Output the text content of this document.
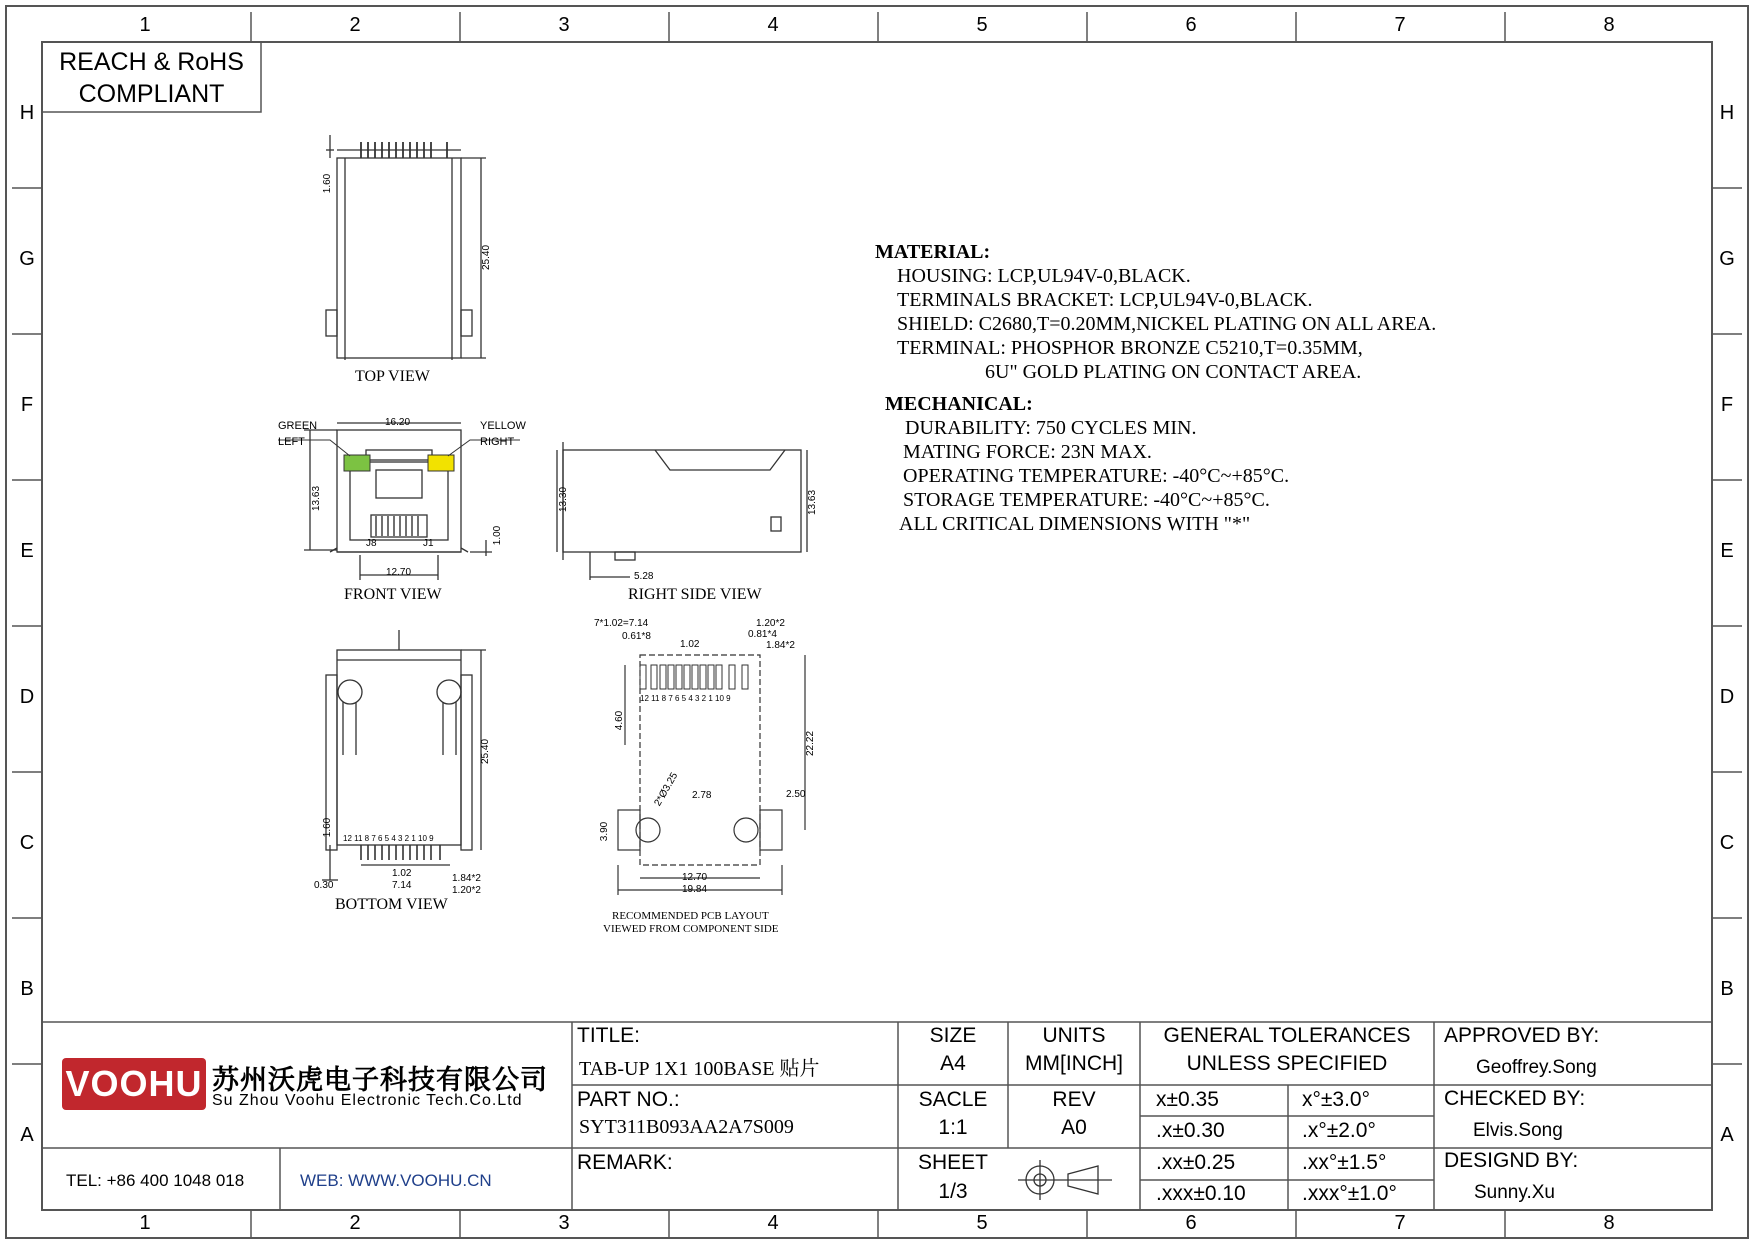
1	2	3	4	5	6	7	8
1	2	3	4	5	6	7	8
H
G
F
E
D
C
B
A
H
G
F
E
D
C
B
A
REACH & RoHS
COMPLIANT
TOP VIEW
FRONT VIEW	RIGHT SIDE VIEW
BOTTOM VIEW
RECOMMENDED PCB LAYOUT
VIEWED FROM COMPONENT SIDE
GREEN
LEFT
YELLOW
RIGHT
1.60
25.40
16.20
13.63
1.00
12.70
J8	J1
13.30	13.63
5.28
25.40
1.60
12 11 8 7 6 5 4 3 2 1 10 9
1.02
7.14
0.30
1.84*2
1.20*2
7*1.02=7.14
0.61*8
1.02
1.20*2
0.81*4
1.84*2
12 11 8 7 6 5 4 3 2 1 10 9
4.60
22.22
2.78	2.50
3.90
2*Ø3.25
12.70
19.84
MATERIAL:
HOUSING: LCP,UL94V-0,BLACK.
TERMINALS BRACKET: LCP,UL94V-0,BLACK.
SHIELD: C2680,T=0.20MM,NICKEL PLATING ON ALL AREA.
TERMINAL: PHOSPHOR BRONZE C5210,T=0.35MM,
6U" GOLD PLATING ON CONTACT AREA.
MECHANICAL:
DURABILITY: 750 CYCLES MIN.
MATING FORCE: 23N MAX.
OPERATING TEMPERATURE: -40°C~+85°C.
STORAGE TEMPERATURE: -40°C~+85°C.
ALL CRITICAL DIMENSIONS WITH "*"
VOOHU 苏州沃虎电子科技有限公司
Su Zhou Voohu Electronic Tech.Co.Ltd
TEL: +86 400 1048 018	WEB: WWW.VOOHU.CN
TITLE:
TAB-UP 1X1 100BASE 贴片
PART NO.:
SYT311B093AA2A7S009
REMARK:
SIZE
A4
UNITS
MM[INCH]
SACLE
1:1
REV
A0
SHEET
1/3
GENERAL TOLERANCES
UNLESS SPECIFIED
x±0.35	x°±3.0°
.x±0.30	.x°±2.0°
.xx±0.25	.xx°±1.5°
.xxx±0.10	.xxx°±1.0°
APPROVED BY:
Geoffrey.Song
CHECKED BY:
Elvis.Song
DESIGND BY:
Sunny.Xu
